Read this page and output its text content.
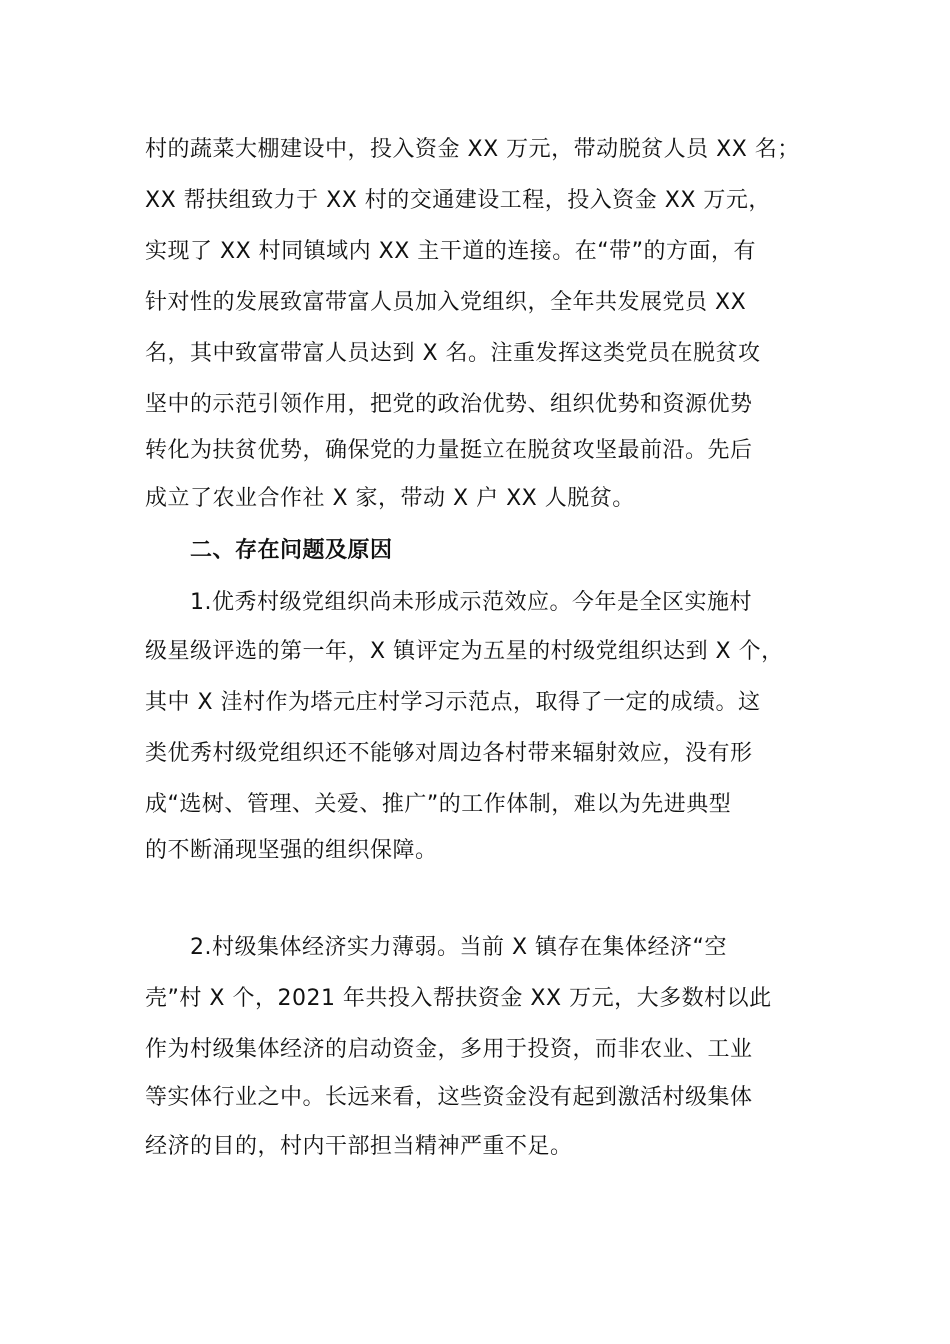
村的蔬菜大棚建设中，投入资金 XX 万元，带动脱贫人员 XX 名；
XX 帮扶组致力于 XX 村的交通建设工程，投入资金 XX 万元，
实现了 XX 村同镇域内 XX 主干道的连接。在“带”的方面，有
针对性的发展致富带富人员加入党组织，全年共发展党员 XX
名，其中致富带富人员达到 X 名。注重发挥这类党员在脱贫攻
坚中的示范引领作用，把党的政治优势、组织优势和资源优势
转化为扶贫优势，确保党的力量挺立在脱贫攻坚最前沿。先后
成立了农业合作社 X 家，带动 X 户 XX 人脱贫。
二、存在问题及原因
1.优秀村级党组织尚未形成示范效应。今年是全区实施村
级星级评选的第一年，X 镇评定为五星的村级党组织达到 X 个，
其中 X 洼村作为塔元庄村学习示范点，取得了一定的成绩。这
类优秀村级党组织还不能够对周边各村带来辐射效应，没有形
成“选树、管理、关爱、推广”的工作体制，难以为先进典型
的不断涌现坚强的组织保障。
2.村级集体经济实力薄弱。当前 X 镇存在集体经济“空
壳”村 X 个，2021 年共投入帮扶资金 XX 万元，大多数村以此
作为村级集体经济的启动资金，多用于投资，而非农业、工业
等实体行业之中。长远来看，这些资金没有起到激活村级集体
经济的目的，村内干部担当精神严重不足。
